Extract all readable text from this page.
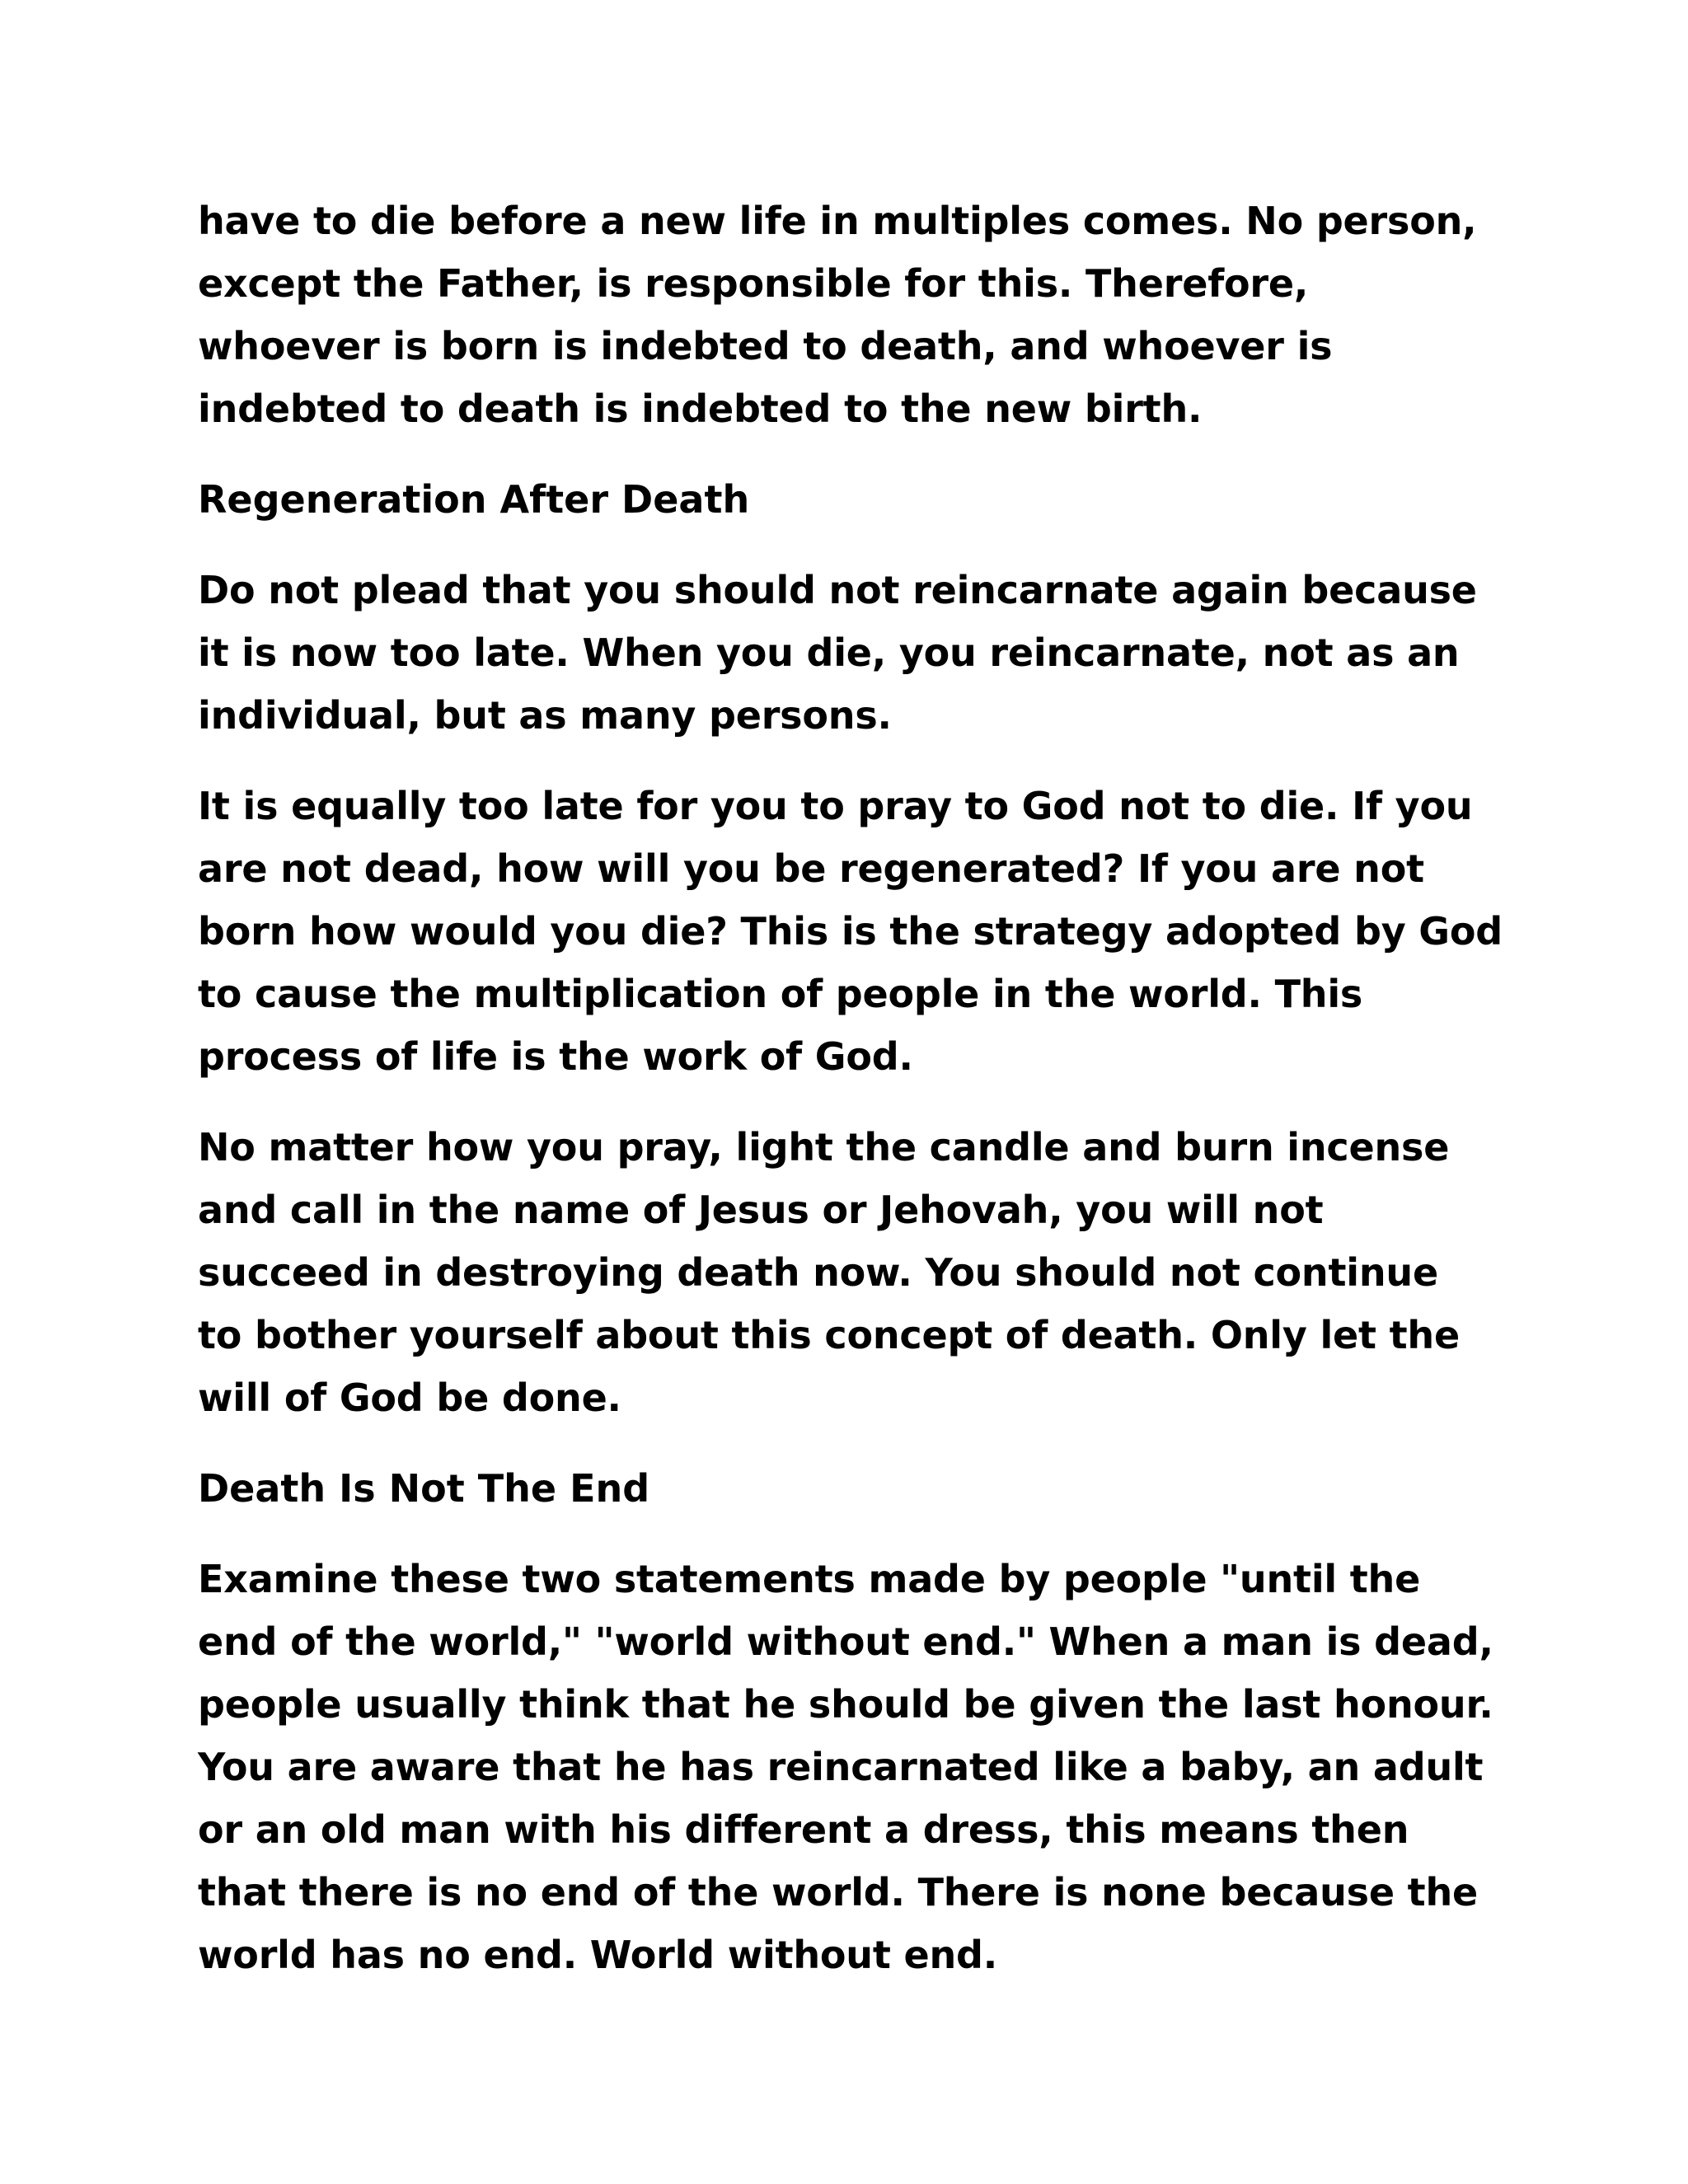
have to die before a new life in multiples comes. No person,
except the Father, is responsible for this. Therefore,
whoever is born is indebted to death, and whoever is
indebted to death is indebted to the new birth.

Regeneration After Death

Do not plead that you should not reincarnate again because
it is now too late. When you die, you reincarnate, not as an
individual, but as many persons.

It is equally too late for you to pray to God not to die. If you
are not dead, how will you be regenerated? If you are not
born how would you die? This is the strategy adopted by God
to cause the multiplication of people in the world. This
process of life is the work of God.

No matter how you pray, light the candle and burn incense
and call in the name of Jesus or Jehovah, you will not
succeed in destroying death now. You should not continue
to bother yourself about this concept of death. Only let the
will of God be done.

Death Is Not The End

Examine these two statements made by people "until the
end of the world," "world without end." When a man is dead,
people usually think that he should be given the last honour.
You are aware that he has reincarnated like a baby, an adult
or an old man with his different a dress, this means then
that there is no end of the world. There is none because the
world has no end. World without end.
